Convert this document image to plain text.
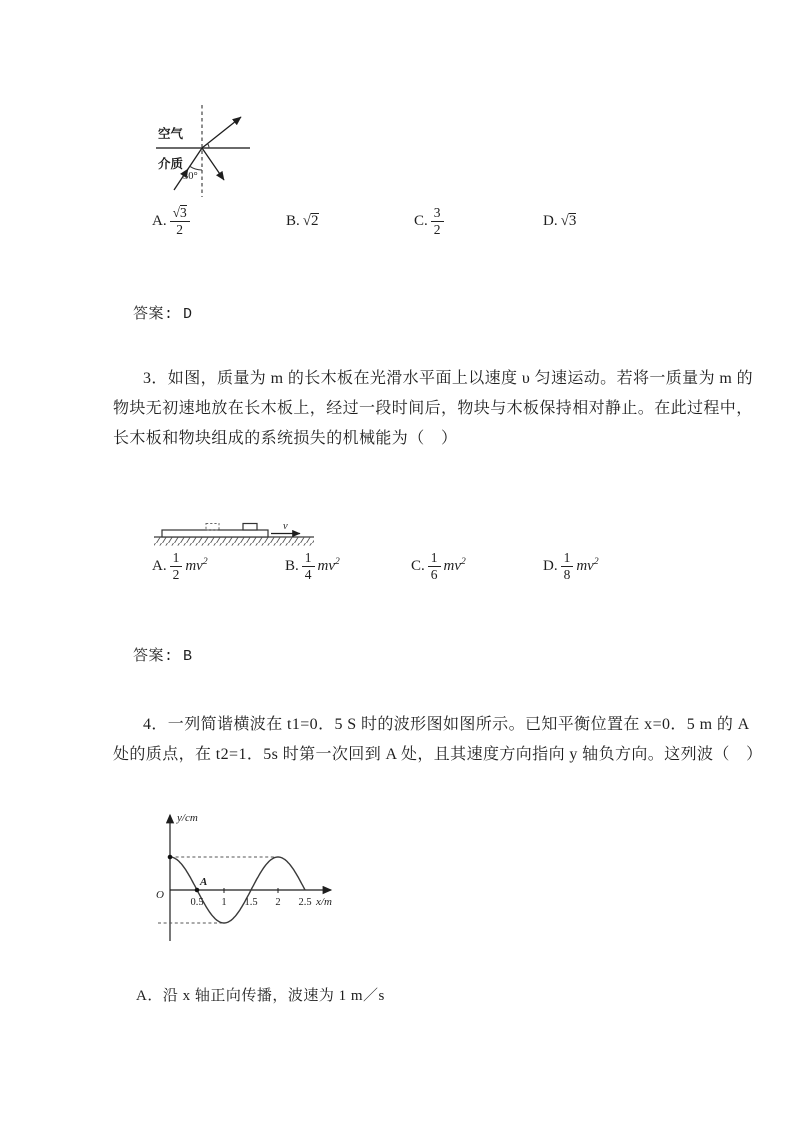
空气
介质
30°
A. $\frac{√3}{2}$	B. √2	C. $\frac{3}{2}$	D. √3
答案: D
3．如图，质量为 m 的长木板在光滑水平面上以速度 υ 匀速运动。若将一质量为 m 的
物块无初速地放在长木板上，经过一段时间后，物块与木板保持相对静止。在此过程中，
长木板和物块组成的系统损失的机械能为（　）
v
A. $\frac{1}{2} mv^2$	B. $\frac{1}{4} mv^2$	C. $\frac{1}{6} mv^2$	D. $\frac{1}{8} mv^2$
答案: B
4．一列简谐横波在 t1=0．5 S 时的波形图如图所示。已知平衡位置在 x=0．5 m 的 A
处的质点，在 t2=1．5s 时第一次回到 A 处，且其速度方向指向 y 轴负方向。这列波（　）
O
y/cm
x/m
A
0.5 1 1.5 2 2.5
A．沿 x 轴正向传播，波速为 1 m／s
